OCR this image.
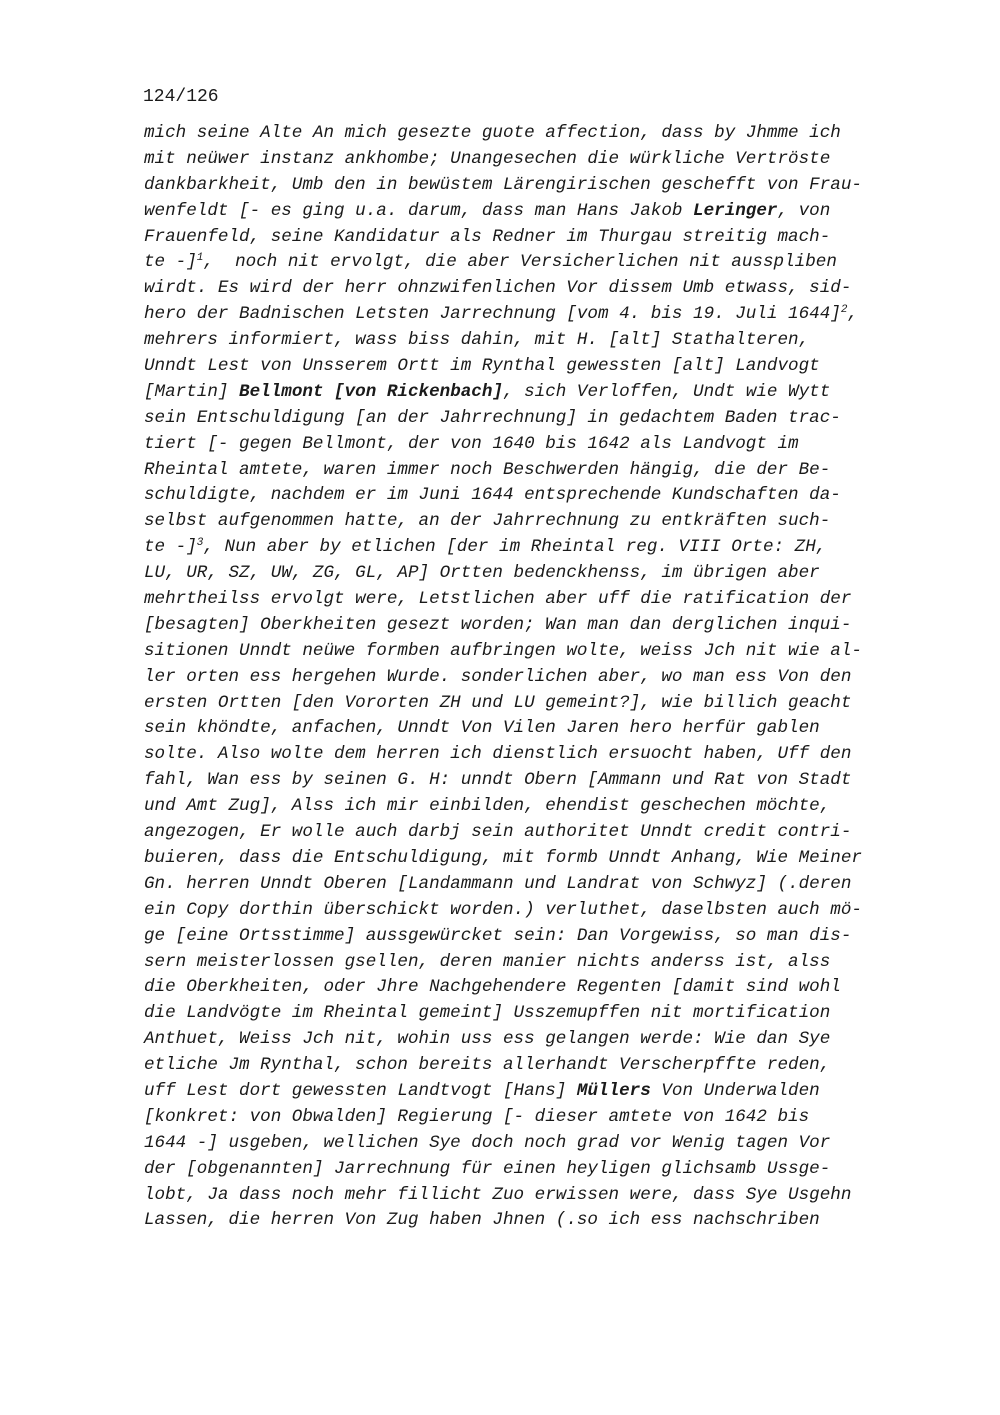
124/126
mich seine Alte An mich gesezte guote affection, dass by Jhmme ich
mit neüwer instanz ankhombe; Unangesechen die würkliche Vertröste
dankbarkheit, Umb den in bewüstem Lärengirischen geschefft von Frau-
wenfeldt [- es ging u.a. darum, dass man Hans Jakob Leringer, von
Frauenfeld, seine Kandidatur als Redner im Thurgau streitig mach-
te -]$^1$,  noch nit ervolgt, die aber Versicherlichen nit ausspliben
wirdt. Es wird der herr ohnzwifenlichen Vor dissem Umb etwass, sid-
hero der Badnischen Letsten Jarrechnung [vom 4. bis 19. Juli 1644]$^2$,
mehrers informiert, wass biss dahin, mit H. [alt] Stathalteren,
Unndt Lest von Unsserem Ortt im Rynthal gewessten [alt] Landvogt
[Martin] Bellmont [von Rickenbach], sich Verloffen, Undt wie Wytt
sein Entschuldigung [an der Jahrrechnung] in gedachtem Baden trac-
tiert [- gegen Bellmont, der von 1640 bis 1642 als Landvogt im
Rheintal amtete, waren immer noch Beschwerden hängig, die der Be-
schuldigte, nachdem er im Juni 1644 entsprechende Kundschaften da-
selbst aufgenommen hatte, an der Jahrrechnung zu entkräften such-
te -]$^3$, Nun aber by etlichen [der im Rheintal reg. VIII Orte: ZH,
LU, UR, SZ, UW, ZG, GL, AP] Ortten bedenckhenss, im übrigen aber
mehrtheilss ervolgt were, Letstlichen aber uff die ratification der
[besagten] Oberkheiten gesezt worden; Wan man dan derglichen inqui-
sitionen Unndt neüwe formben aufbringen wolte, weiss Jch nit wie al-
ler orten ess hergehen Wurde. sonderlichen aber, wo man ess Von den
ersten Ortten [den Vororten ZH und LU gemeint?], wie billich geacht
sein khöndte, anfachen, Unndt Von Vilen Jaren hero herfür gablen
solte. Also wolte dem herren ich dienstlich ersuocht haben, Uff den
fahl, Wan ess by seinen G. H: unndt Obern [Ammann und Rat von Stadt
und Amt Zug], Alss ich mir einbilden, ehendist geschechen möchte,
angezogen, Er wolle auch darbj sein authoritet Unndt credit contri-
buieren, dass die Entschuldigung, mit formb Unndt Anhang, Wie Meiner
Gn. herren Unndt Oberen [Landammann und Landrat von Schwyz] (.deren
ein Copy dorthin überschickt worden.) verluthet, daselbsten auch mö-
ge [eine Ortsstimme] aussgewürcket sein: Dan Vorgewiss, so man dis-
sern meisterlossen gsellen, deren manier nichts anderss ist, alss
die Oberkheiten, oder Jhre Nachgehendere Regenten [damit sind wohl
die Landvögte im Rheintal gemeint] Usszemupffen nit mortification
Anthuet, Weiss Jch nit, wohin uss ess gelangen werde: Wie dan Sye
etliche Jm Rynthal, schon bereits allerhandt Verscherpffte reden,
uff Lest dort gewessten Landtvogt [Hans] Müllers Von Underwalden
[konkret: von Obwalden] Regierung [- dieser amtete von 1642 bis
1644 -] usgeben, wellichen Sye doch noch grad vor Wenig tagen Vor
der [obgenannten] Jarrechnung für einen heyligen glichsamb Ussge-
lobt, Ja dass noch mehr fillicht Zuo erwissen were, dass Sye Usgehn
Lassen, die herren Von Zug haben Jhnen (.so ich ess nachschriben
